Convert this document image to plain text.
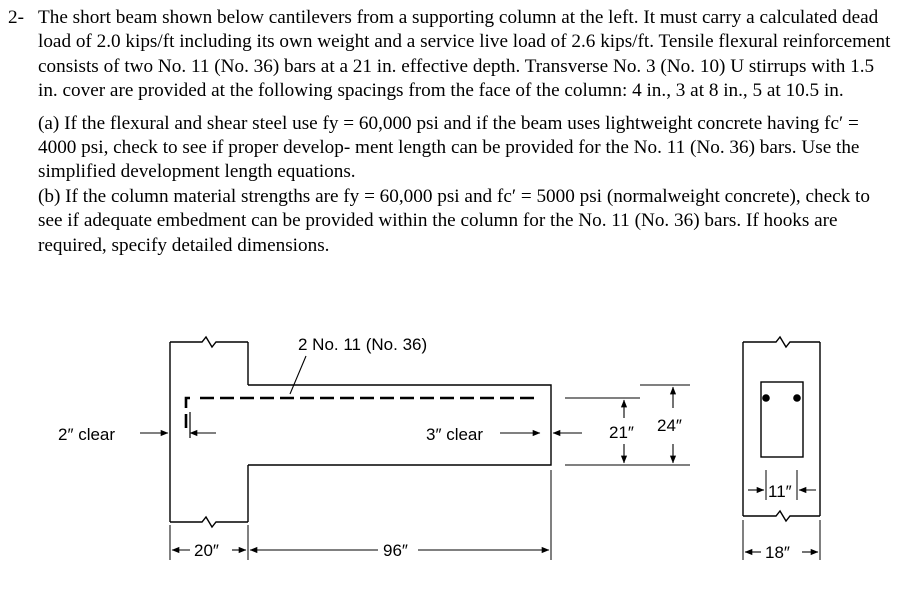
2- The short beam shown below cantilevers from a supporting column at the left. It must carry a calculated dead load of 2.0 kips/ft including its own weight and a service live load of 2.6 kips/ft. Tensile flexural reinforcement consists of two No. 11 (No. 36) bars at a 21 in. effective depth. Transverse No. 3 (No. 10) U stirrups with 1.5 in. cover are provided at the following spacings from the face of the column: 4 in., 3 at 8 in., 5 at 10.5 in.

(a) If the flexural and shear steel use fy = 60,000 psi and if the beam uses lightweight concrete having fc′ = 4000 psi, check to see if proper develop- ment length can be provided for the No. 11 (No. 36) bars. Use the simplified development length equations.

(b) If the column material strengths are fy = 60,000 psi and fc′ = 5000 psi (normalweight concrete), check to see if adequate embedment can be provided within the column for the No. 11 (No. 36) bars. If hooks are required, specify detailed dimensions.

2 No. 11 (No. 36)
2″ clear	3″ clear	21″ 24″
20″	96″
11″
18″
